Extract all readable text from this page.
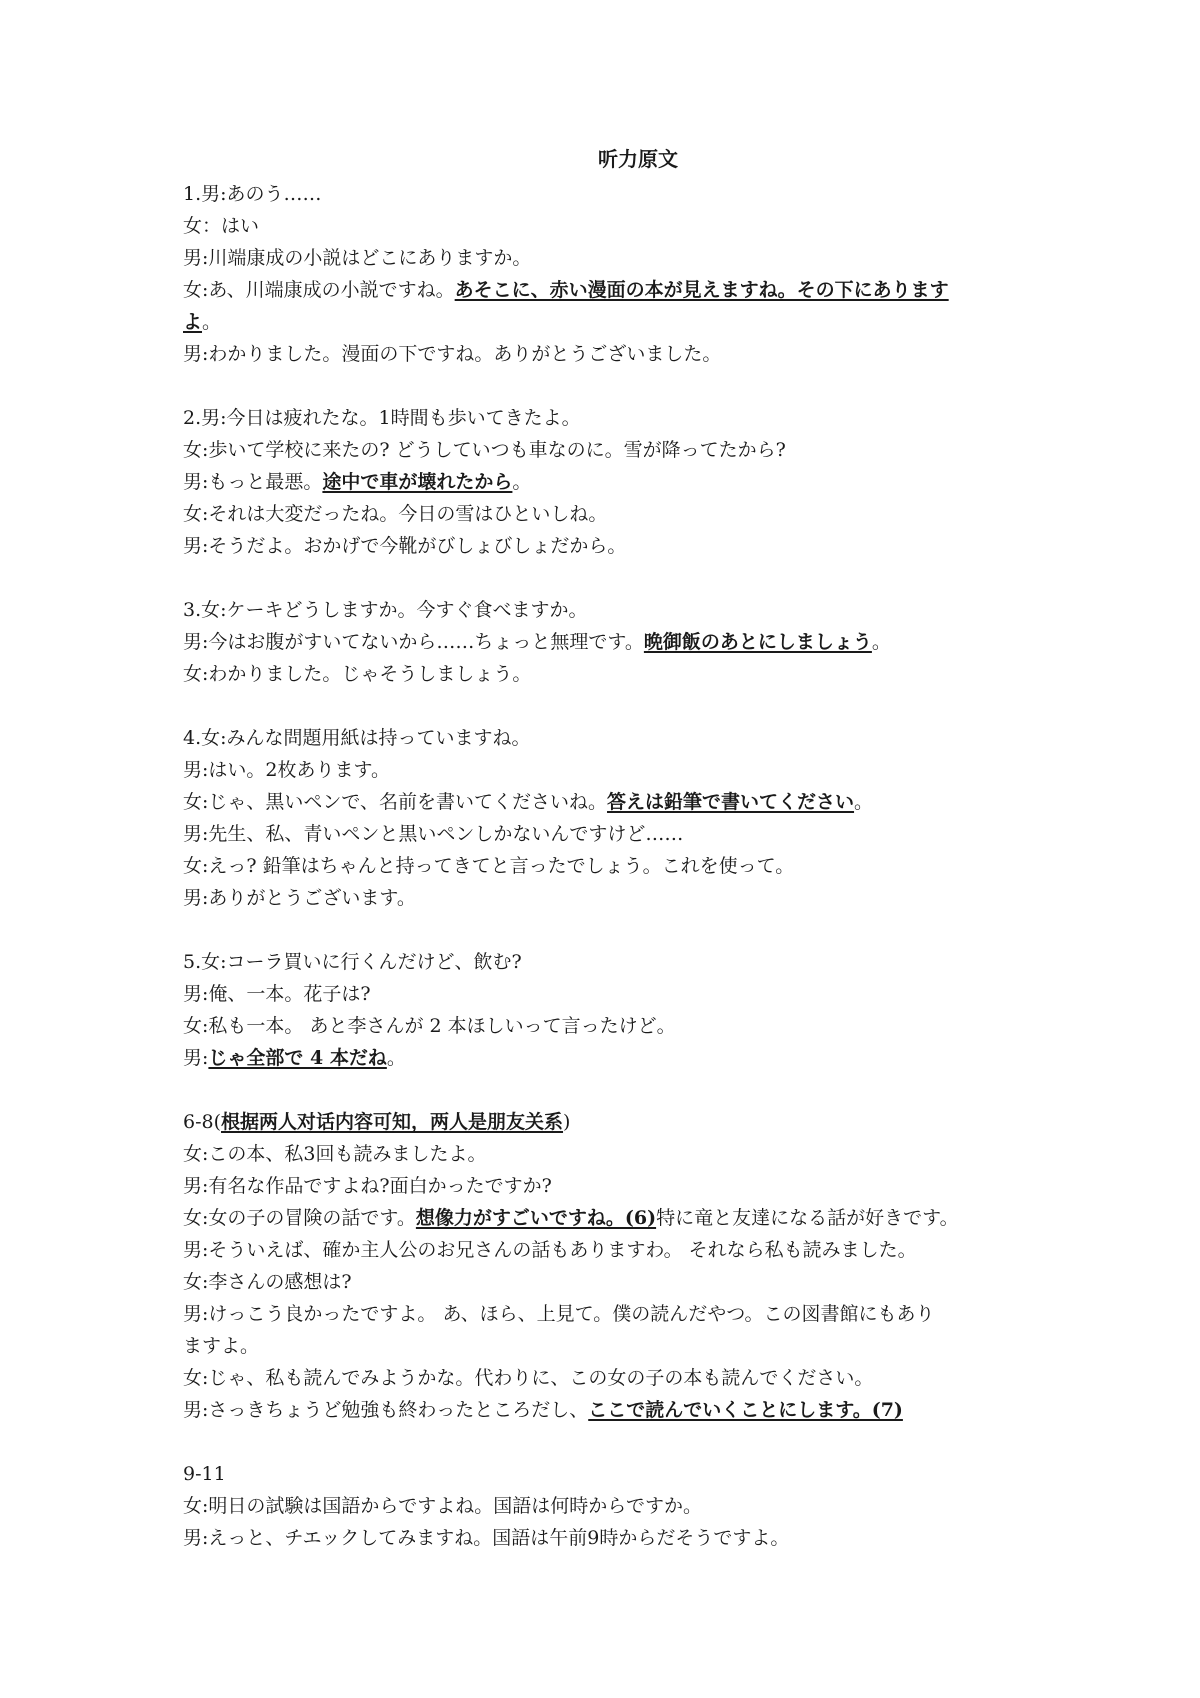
听力原文
1.男:あのう……
女：はい
男:川端康成の小説はどこにありますか。
女:あ、川端康成の小説ですね。あそこに、赤い漫面の本が見えますね。その下にあります
よ。
男:わかりました。漫面の下ですね。ありがとうございました。
2.男:今日は疲れたな。1時間も歩いてきたよ。
女:歩いて学校に来たの? どうしていつも車なのに。雪が降ってたから?
男:もっと最悪。途中で車が壊れたから。
女:それは大変だったね。今日の雪はひといしね。
男:そうだよ。おかげで今靴がびしょびしょだから。
3.女:ケーキどうしますか。今すぐ食べますか。
男:今はお腹がすいてないから……ちょっと無理です。晩御飯のあとにしましょう。
女:わかりました。じゃそうしましょう。
4.女:みんな問題用紙は持っていますね。
男:はい。2枚あります。
女:じゃ、黒いペンで、名前を書いてくださいね。答えは鉛筆で書いてください。
男:先生、私、青いペンと黒いペンしかないんですけど……
女:えっ? 鉛筆はちゃんと持ってきてと言ったでしょう。これを使って。
男:ありがとうございます。
5.女:コーラ買いに行くんだけど、飲む?
男:俺、一本。花子は?
女:私も一本。 あと李さんが 2 本ほしいって言ったけど。
男:じゃ全部で 4 本だね。
6-8(根据两人对话内容可知，两人是朋友关系)
女:この本、私3回も読みましたよ。
男:有名な作品ですよね?面白かったですか?
女:女の子の冒険の話です。想像力がすごいですね。(6)特に竜と友達になる話が好きです。
男:そういえば、確か主人公のお兄さんの話もありますわ。 それなら私も読みました。
女:李さんの感想は?
男:けっこう良かったですよ。 あ、ほら、上見て。僕の読んだやつ。この図書館にもあり
ますよ。
女:じゃ、私も読んでみようかな。代わりに、この女の子の本も読んでください。
男:さっきちょうど勉強も終わったところだし、ここで読んでいくことにします。(7)
9-11
女:明日の試験は国語からですよね。国語は何時からですか。
男:えっと、チエックしてみますね。国語は午前9時からだそうですよ。
